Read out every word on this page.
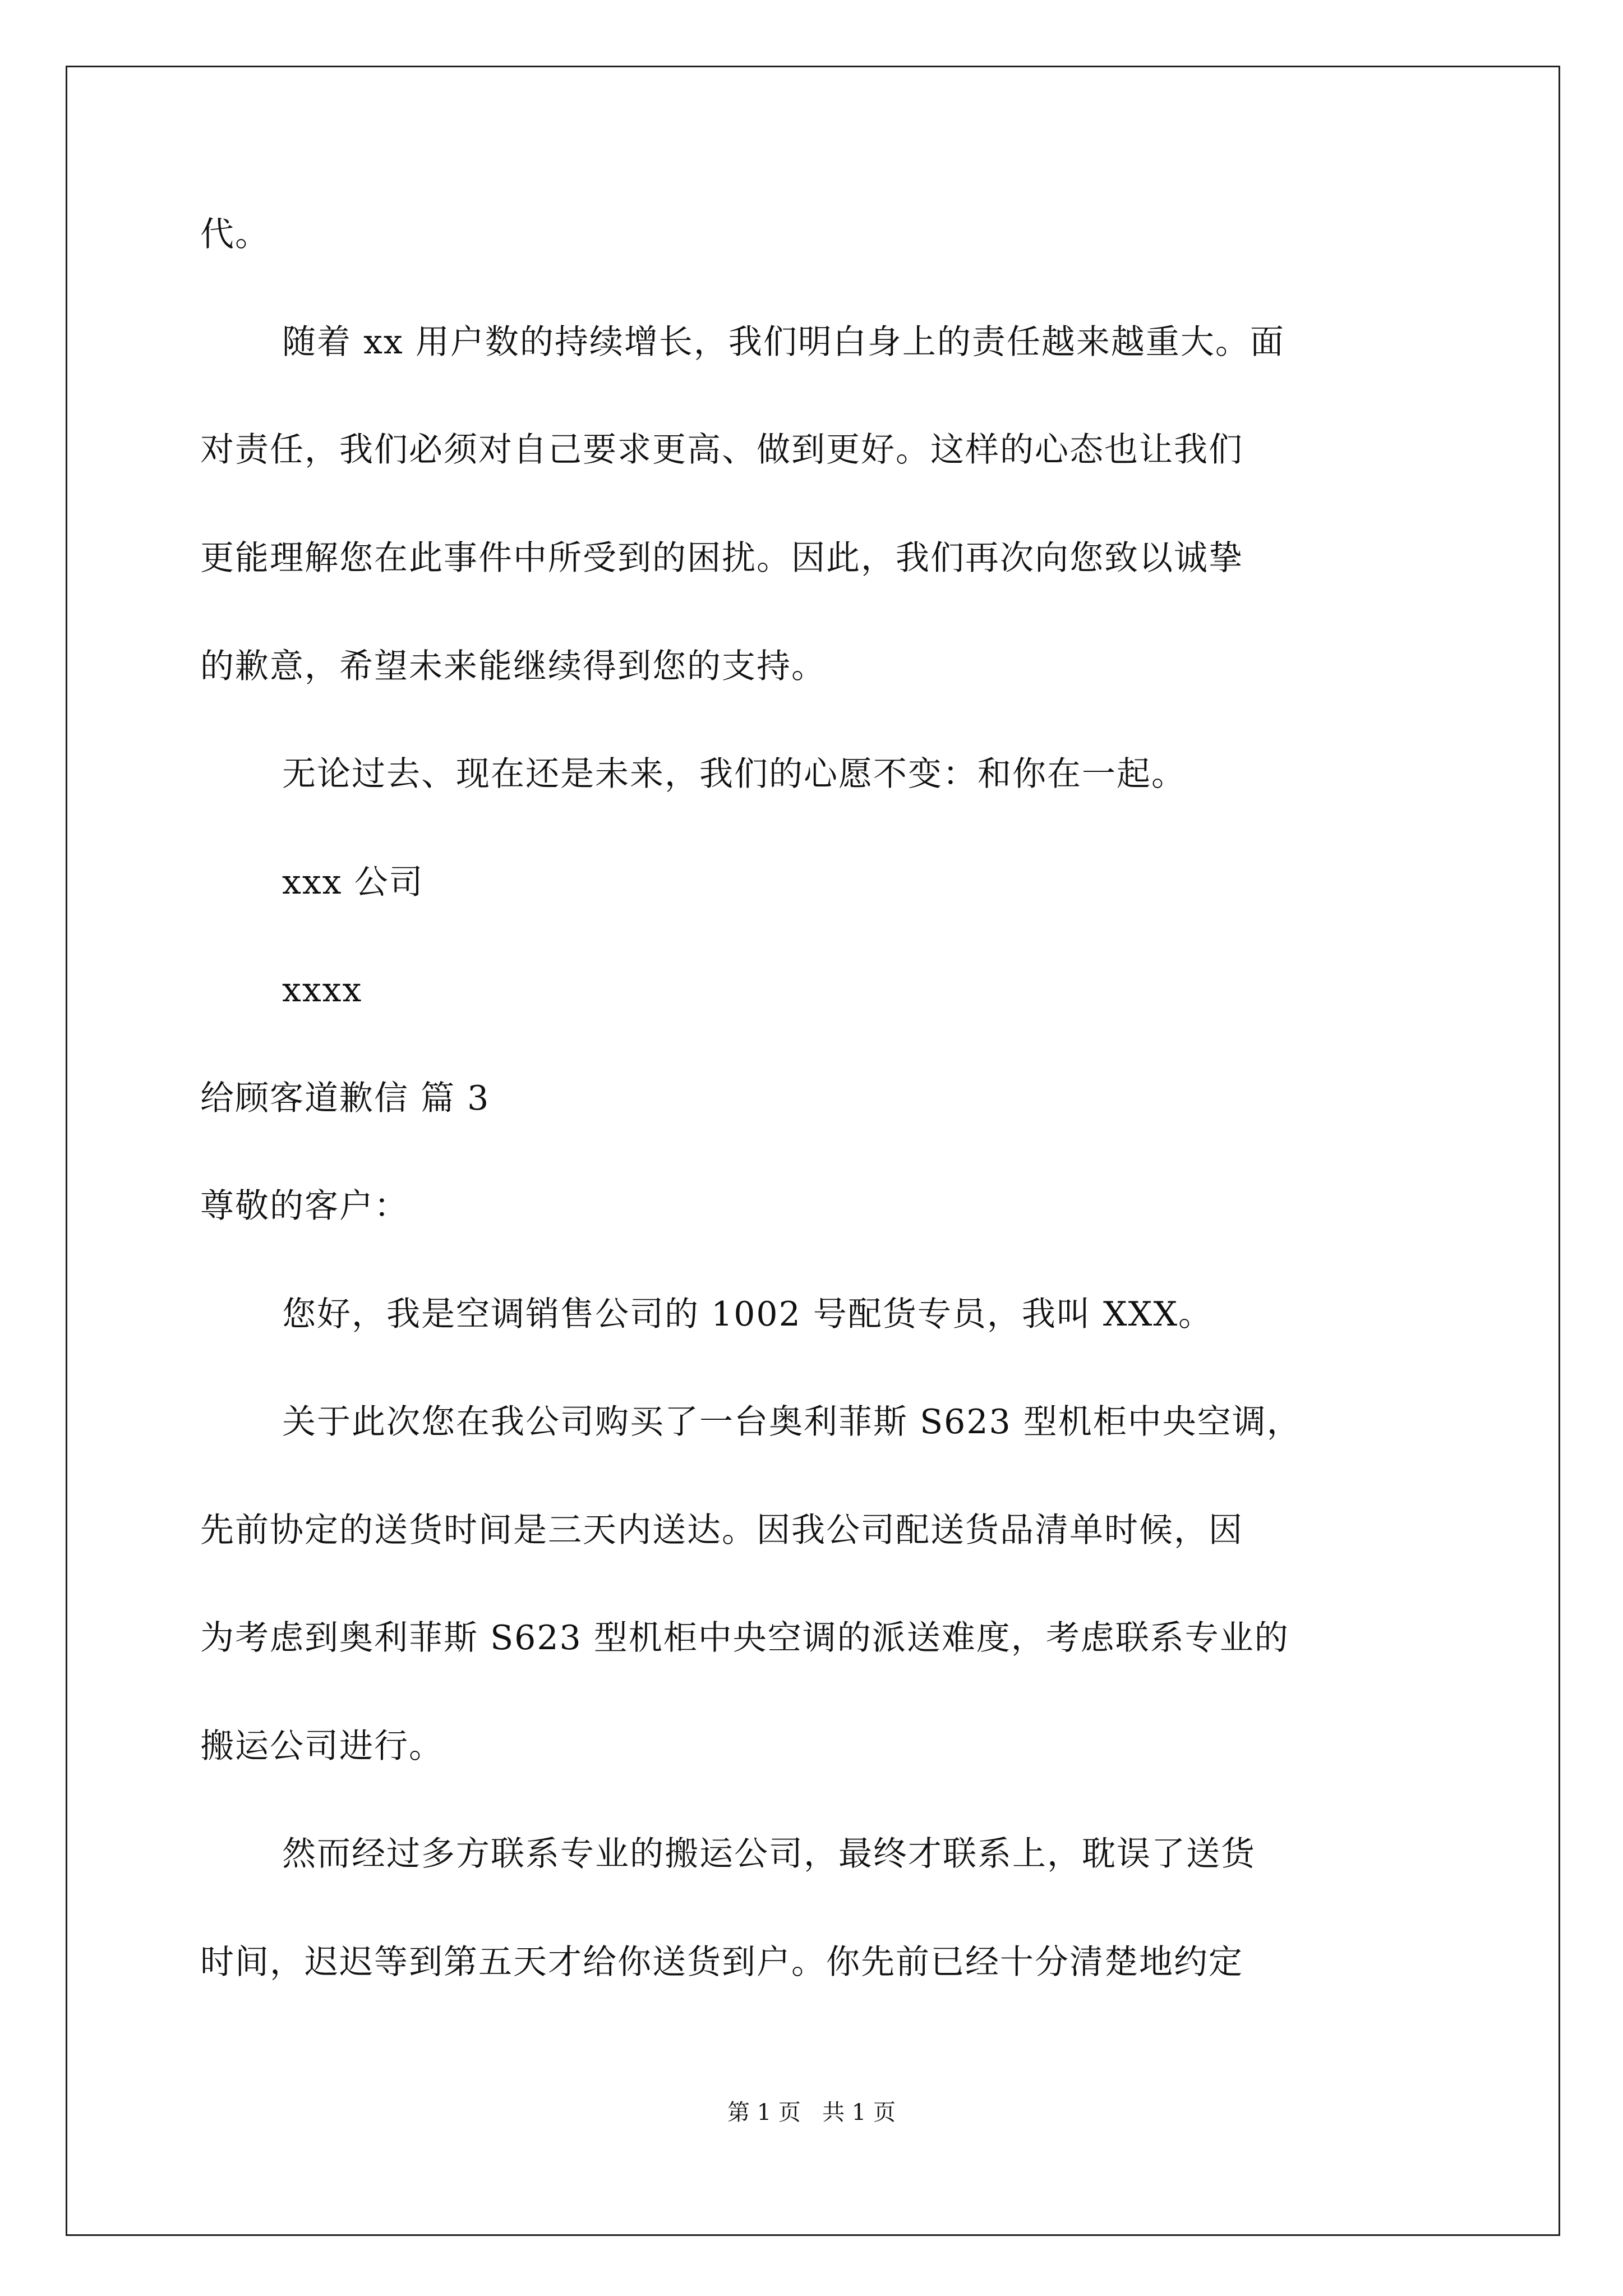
代。
随着 xx 用户数的持续增长，我们明白身上的责任越来越重大。面
对责任，我们必须对自己要求更高、做到更好。这样的心态也让我们
更能理解您在此事件中所受到的困扰。因此，我们再次向您致以诚挚
的歉意，希望未来能继续得到您的支持。
无论过去、现在还是未来，我们的心愿不变：和你在一起。
xxx 公司
xxxx
给顾客道歉信 篇 3
尊敬的客户：
您好，我是空调销售公司的 1002 号配货专员，我叫 XXX。
关于此次您在我公司购买了一台奥利菲斯 S623 型机柜中央空调，
先前协定的送货时间是三天内送达。因我公司配送货品清单时候，因
为考虑到奥利菲斯 S623 型机柜中央空调的派送难度，考虑联系专业的
搬运公司进行。
然而经过多方联系专业的搬运公司，最终才联系上，耽误了送货
时间，迟迟等到第五天才给你送货到户。你先前已经十分清楚地约定
第 1 页   共 1 页
